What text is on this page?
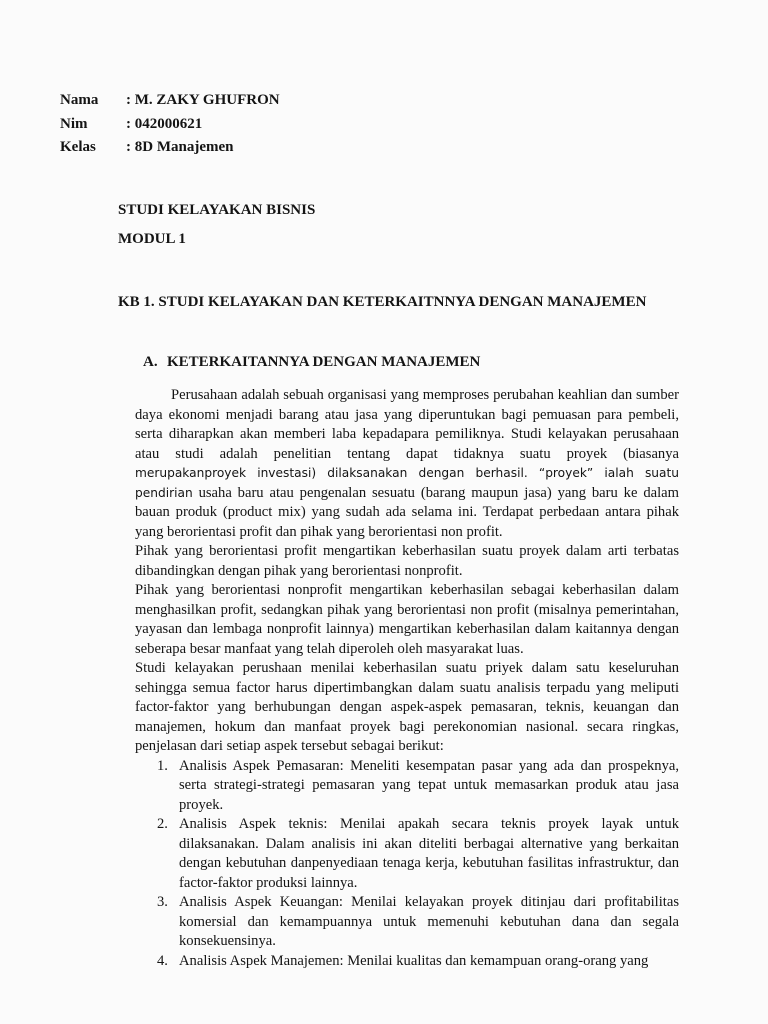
Nama : M. ZAKY GHUFRON
Nim	: 042000621
Kelas : 8D Manajemen
STUDI KELAYAKAN BISNIS
MODUL 1
KB 1. STUDI KELAYAKAN DAN KETERKAITNNYA DENGAN MANAJEMEN
A. KETERKAITANNYA DENGAN MANAJEMEN

Perusahaan adalah sebuah organisasi yang memproses perubahan keahlian dan sumber daya ekonomi menjadi barang atau jasa yang diperuntukan bagi pemuasan para pembeli, serta diharapkan akan memberi laba kepadapara pemiliknya. Studi kelayakan perusahaan atau studi adalah penelitian tentang dapat tidaknya suatu proyek (biasanya merupakanproyek investasi) dilaksanakan dengan berhasil. “proyek” ialah suatu pendirian usaha baru atau pengenalan sesuatu (barang maupun jasa) yang baru ke dalam bauan produk (product mix) yang sudah ada selama ini. Terdapat perbedaan antara pihak yang berorientasi profit dan pihak yang berorientasi non profit.

Pihak yang berorientasi profit mengartikan keberhasilan suatu proyek dalam arti terbatas dibandingkan dengan pihak yang berorientasi nonprofit.

Pihak yang berorientasi nonprofit mengartikan keberhasilan sebagai keberhasilan dalam menghasilkan profit, sedangkan pihak yang berorientasi non profit (misalnya pemerintahan, yayasan dan lembaga nonprofit lainnya) mengartikan keberhasilan dalam kaitannya dengan seberapa besar manfaat yang telah diperoleh oleh masyarakat luas.

Studi kelayakan perushaan menilai keberhasilan suatu priyek dalam satu keseluruhan sehingga semua factor harus dipertimbangkan dalam suatu analisis terpadu yang meliputi factor-faktor yang berhubungan dengan aspek-aspek pemasaran, teknis, keuangan dan manajemen, hokum dan manfaat proyek bagi perekonomian nasional. secara ringkas, penjelasan dari setiap aspek tersebut sebagai berikut:

1. Analisis Aspek Pemasaran: Meneliti kesempatan pasar yang ada dan prospeknya, serta strategi-strategi pemasaran yang tepat untuk memasarkan produk atau jasa proyek.
2. Analisis Aspek teknis: Menilai apakah secara teknis proyek layak untuk dilaksanakan. Dalam analisis ini akan diteliti berbagai alternative yang berkaitan dengan kebutuhan danpenyediaan tenaga kerja, kebutuhan fasilitas infrastruktur, dan factor-faktor produksi lainnya.
3. Analisis Aspek Keuangan: Menilai kelayakan proyek ditinjau dari profitabilitas komersial dan kemampuannya untuk memenuhi kebutuhan dana dan segala konsekuensinya.
4. Analisis Aspek Manajemen: Menilai kualitas dan kemampuan orang-orang yang
